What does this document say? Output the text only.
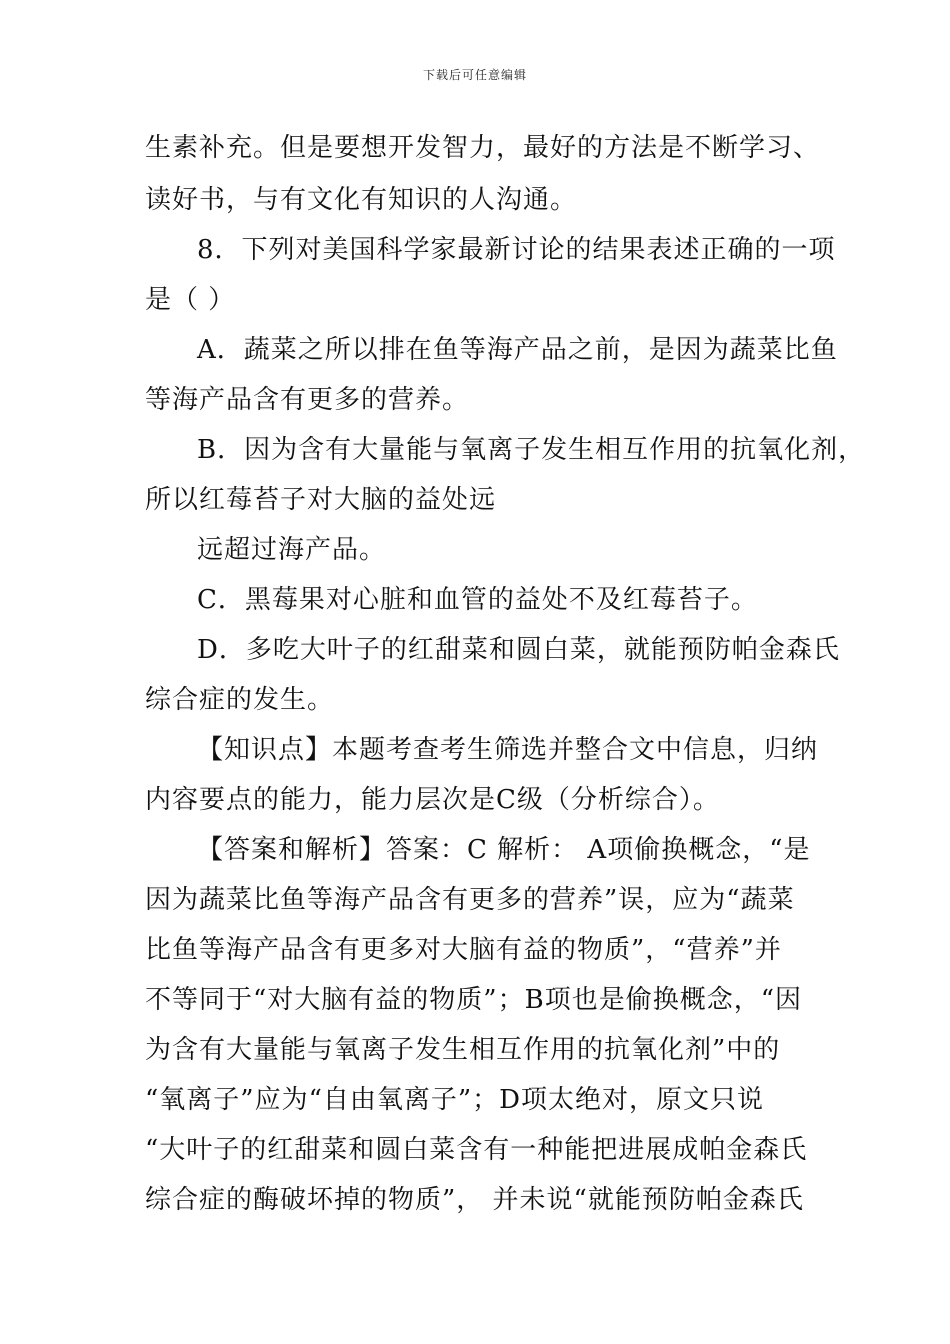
下载后可任意编辑
生素补充。但是要想开发智力，最好的方法是不断学习、
读好书，与有文化有知识的人沟通。
8．下列对美国科学家最新讨论的结果表述正确的一项
是（ ）
A．蔬菜之所以排在鱼等海产品之前，是因为蔬菜比鱼
等海产品含有更多的营养。
B．因为含有大量能与氧离子发生相互作用的抗氧化剂，
所以红莓苔子对大脑的益处远
远超过海产品。
C．黑莓果对心脏和血管的益处不及红莓苔子。
D．多吃大叶子的红甜菜和圆白菜，就能预防帕金森氏
综合症的发生。
【知识点】本题考查考生筛选并整合文中信息，归纳
内容要点的能力，能力层次是C级（分析综合）。
【答案和解析】答案：C 解析： A项偷换概念，“是
因为蔬菜比鱼等海产品含有更多的营养”误，应为“蔬菜
比鱼等海产品含有更多对大脑有益的物质”，“营养”并
不等同于“对大脑有益的物质”；B项也是偷换概念，“因
为含有大量能与氧离子发生相互作用的抗氧化剂”中的
“氧离子”应为“自由氧离子”；D项太绝对，原文只说
“大叶子的红甜菜和圆白菜含有一种能把进展成帕金森氏
综合症的酶破坏掉的物质”， 并未说“就能预防帕金森氏
